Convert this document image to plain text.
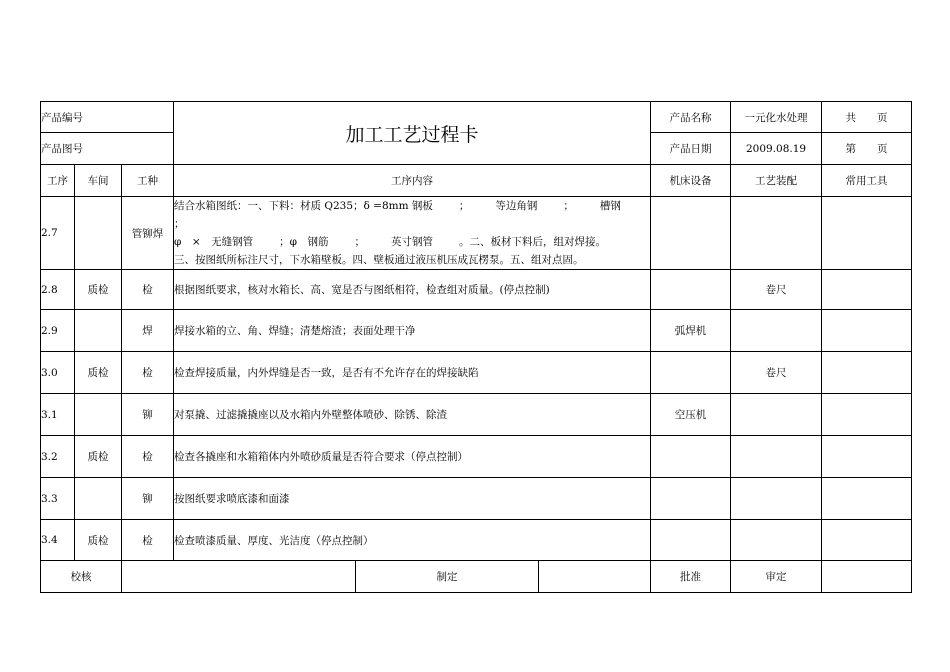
产品编号			加工工艺过程卡			产品名称	一元化水处理	共　　页
产品图号						产品日期	2009.08.19	第　　页
工序	车间	工种	工序内容			机床设备	工艺装配	常用工具
2.7		管铆焊	结合水箱图纸：一、下料：材质 Q235；δ =8mm 钢板 ； 等边角钢 ； 槽钢；
φ　×　无缝钢管 ；φ　钢筋 ； 英寸钢管 。二、板材下料后，组对焊接。
三、按图纸所标注尺寸，下水箱壁板。四、壁板通过液压机压成瓦楞泵。五、组对点固。					

2.8	质检	检	根据图纸要求，核对水箱长、高、宽是否与图纸相符，检查组对质量。(停点控制)				卷尺	
2.9		焊	焊接水箱的立、角、焊缝；清楚熔渣；表面处理干净			弧焊机		
3.0	质检	检	检查焊接质量，内外焊缝是否一致，是否有不允许存在的焊接缺陷				卷尺	
3.1		铆	对泵撬、过滤撬撬座以及水箱内外壁整体喷砂、除锈、除渣			空压机		
3.2	质检	检	检查各撬座和水箱箱体内外喷砂质量是否符合要求（停点控制）					
3.3		铆	按图纸要求喷底漆和面漆					
3.4	质检	检	检查喷漆质量、厚度、光洁度（停点控制）					
校核				制定		批准	审定	
